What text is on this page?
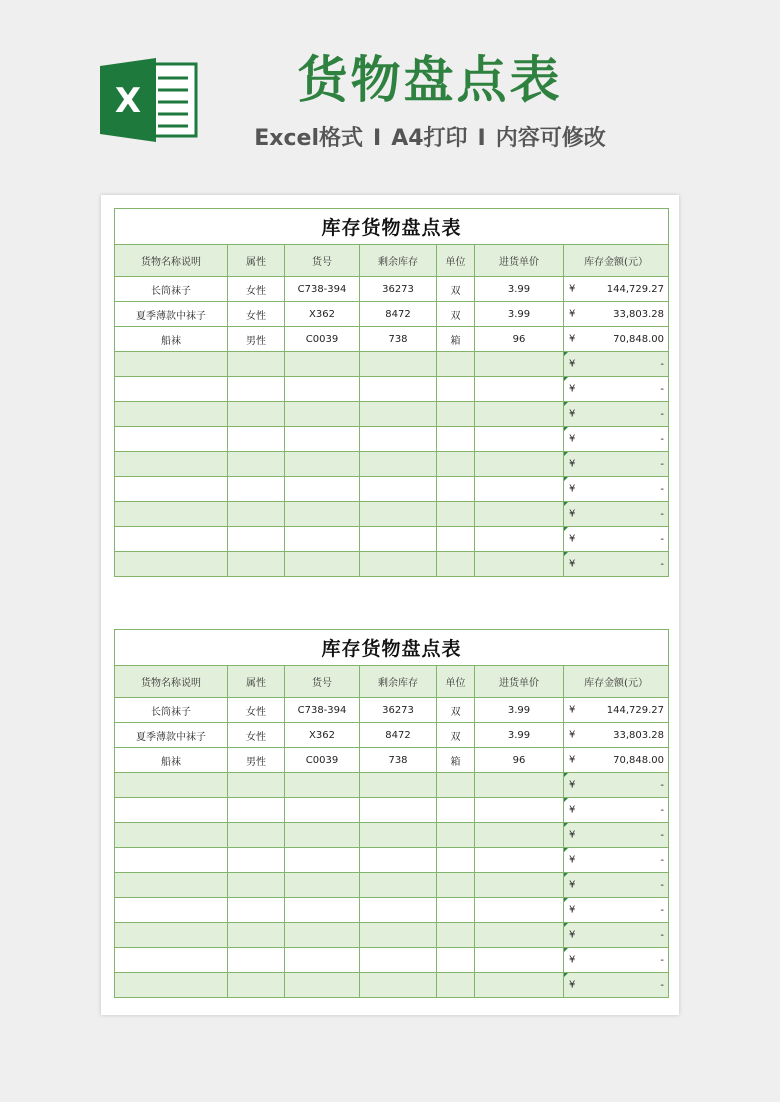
X	货物盘点表
Excel格式 I A4打印 I 内容可修改
库存货物盘点表						
货物名称说明	属性	货号	剩余库存	单位	进货单价	库存金额(元）
长筒袜子	女性	C738-394	36273	双	3.99	¥ 144,729.27
夏季薄款中袜子	女性	X362	8472	双	3.99	¥ 33,803.28
船袜	男性	C0039	738	箱	96	¥ 70,848.00

						¥ -

						¥ -

						¥ -

						¥ -

						¥ -

						¥ -

						¥ -

						¥ -

						¥ -
库存货物盘点表						
货物名称说明	属性	货号	剩余库存	单位	进货单价	库存金额(元）
长筒袜子	女性	C738-394	36273	双	3.99	¥ 144,729.27
夏季薄款中袜子	女性	X362	8472	双	3.99	¥ 33,803.28
船袜	男性	C0039	738	箱	96	¥ 70,848.00

						¥ -

						¥ -

						¥ -

						¥ -

						¥ -

						¥ -

						¥ -

						¥ -

						¥ -
